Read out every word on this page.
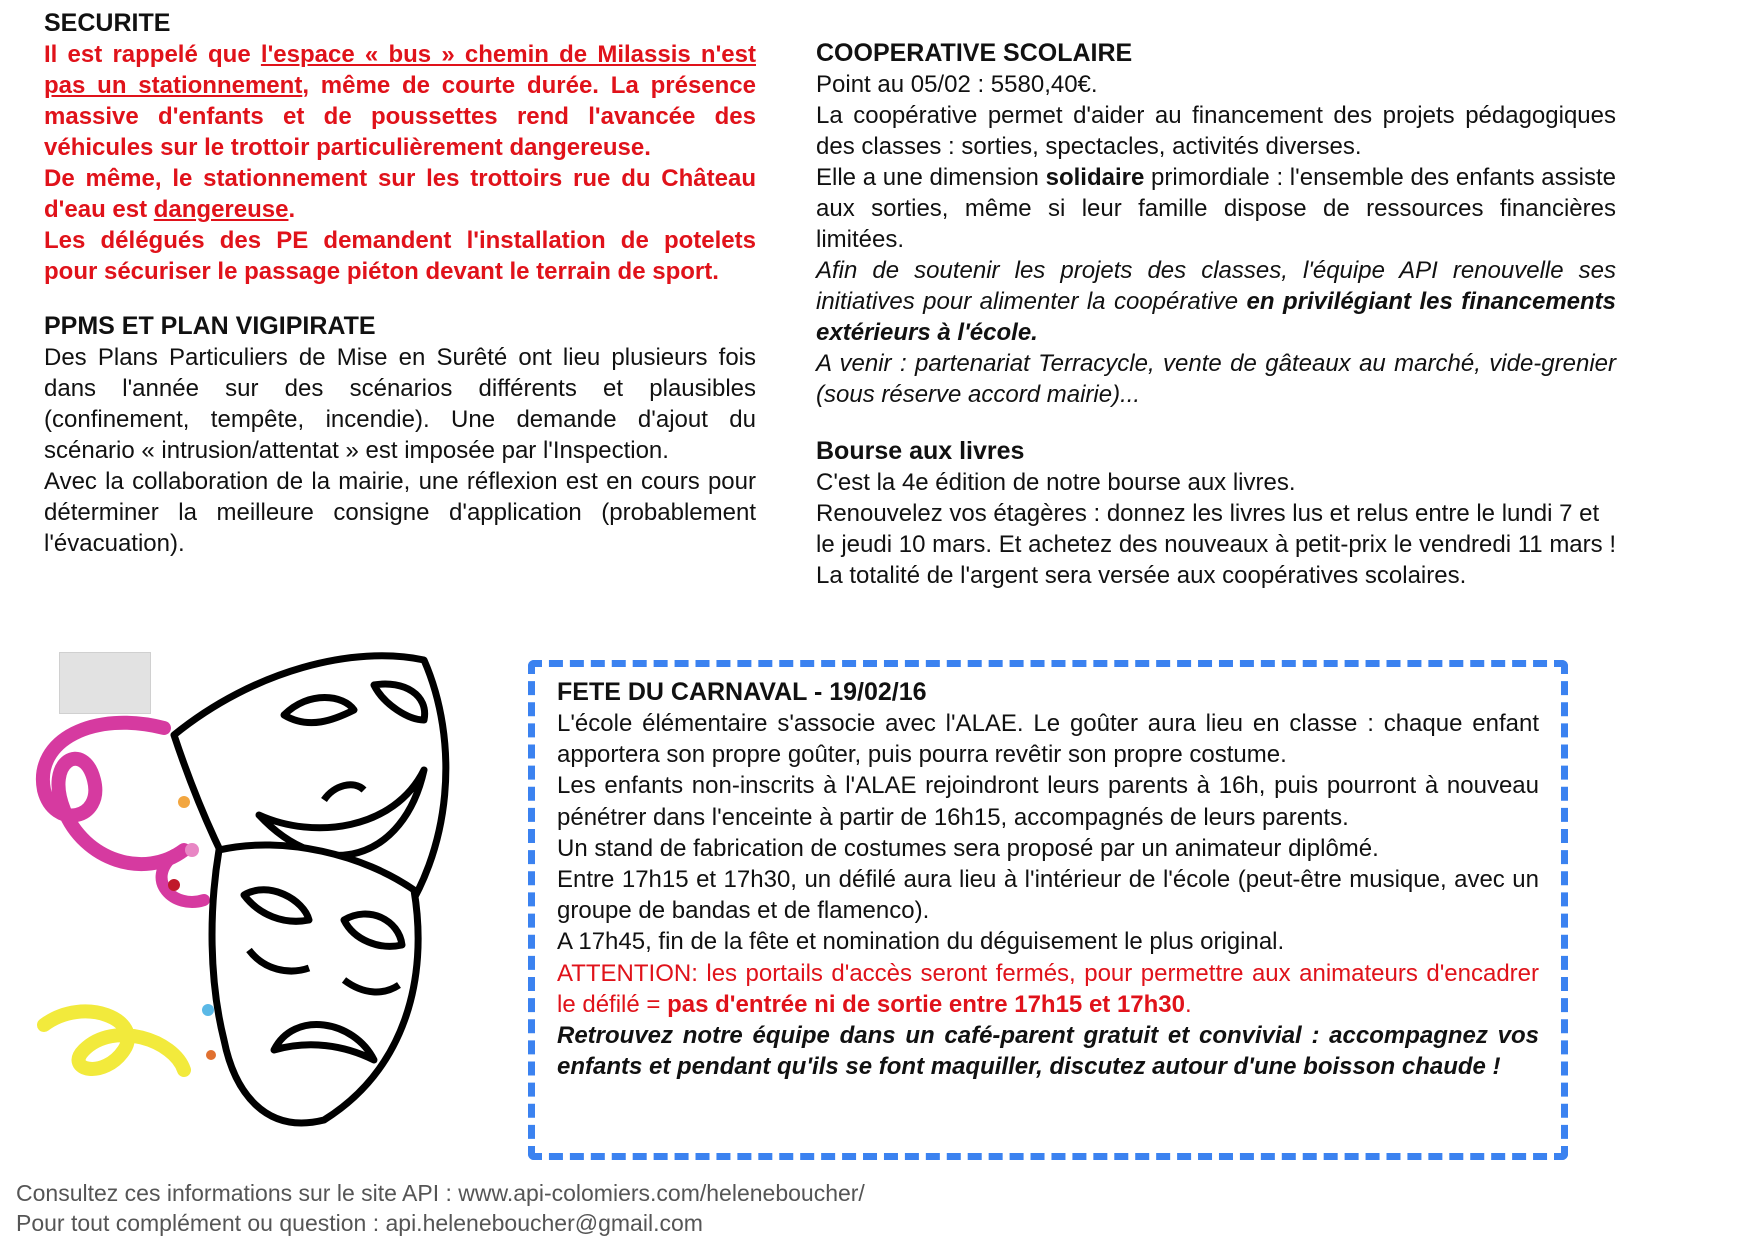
SECURITE

Il est rappelé que l'espace « bus » chemin de Milassis n'est pas un stationnement, même de courte durée. La présence massive d'enfants et de poussettes rend l'avancée des véhicules sur le trottoir particulièrement dangereuse.

De même, le stationnement sur les trottoirs rue du Château d'eau est dangereuse.

Les délégués des PE demandent l'installation de potelets pour sécuriser le passage piéton devant le terrain de sport.

PPMS ET PLAN VIGIPIRATE

Des Plans Particuliers de Mise en Surêté ont lieu plusieurs fois dans l'année sur des scénarios différents et plausibles (confinement, tempête, incendie). Une demande d'ajout du scénario « intrusion/attentat » est imposée par l'Inspection.

Avec la collaboration de la mairie, une réflexion est en cours pour déterminer la meilleure consigne d'application (probablement l'évacuation).

COOPERATIVE SCOLAIRE

Point au 05/02 : 5580,40€.

La coopérative permet d'aider au financement des projets pédagogiques des classes : sorties, spectacles, activités diverses.

Elle a une dimension solidaire primordiale : l'ensemble des enfants assiste aux sorties, même si leur famille dispose de ressources financières limitées.

Afin de soutenir les projets des classes, l'équipe API renouvelle ses initiatives pour alimenter la coopérative en privilégiant les financements extérieurs à l'école.

A venir : partenariat Terracycle, vente de gâteaux au marché, vide-grenier (sous réserve accord mairie)...

Bourse aux livres

C'est la 4e édition de notre bourse aux livres.

Renouvelez vos étagères : donnez les livres lus et relus entre le lundi 7 et le jeudi 10 mars. Et achetez des nouveaux à petit-prix le vendredi 11 mars !

La totalité de l'argent sera versée aux coopératives scolaires.

FETE DU CARNAVAL - 19/02/16

L'école élémentaire s'associe avec l'ALAE. Le goûter aura lieu en classe : chaque enfant apportera son propre goûter, puis pourra revêtir son propre costume.

Les enfants non-inscrits à l'ALAE rejoindront leurs parents à 16h, puis pourront à nouveau pénétrer dans l'enceinte à partir de 16h15, accompagnés de leurs parents.

Un stand de fabrication de costumes sera proposé par un animateur diplômé.

Entre 17h15 et 17h30, un défilé aura lieu à l'intérieur de l'école (peut-être musique, avec un groupe de bandas et de flamenco).

A 17h45, fin de la fête et nomination du déguisement le plus original.

ATTENTION: les portails d'accès seront fermés, pour permettre aux animateurs d'encadrer le défilé = pas d'entrée ni de sortie entre 17h15 et 17h30.

Retrouvez notre équipe dans un café-parent gratuit et convivial : accompagnez vos enfants et pendant qu'ils se font maquiller, discutez autour d'une boisson chaude !

Consultez ces informations sur le site API : www.api-colomiers.com/heleneboucher/
Pour tout complément ou question : api.heleneboucher@gmail.com
